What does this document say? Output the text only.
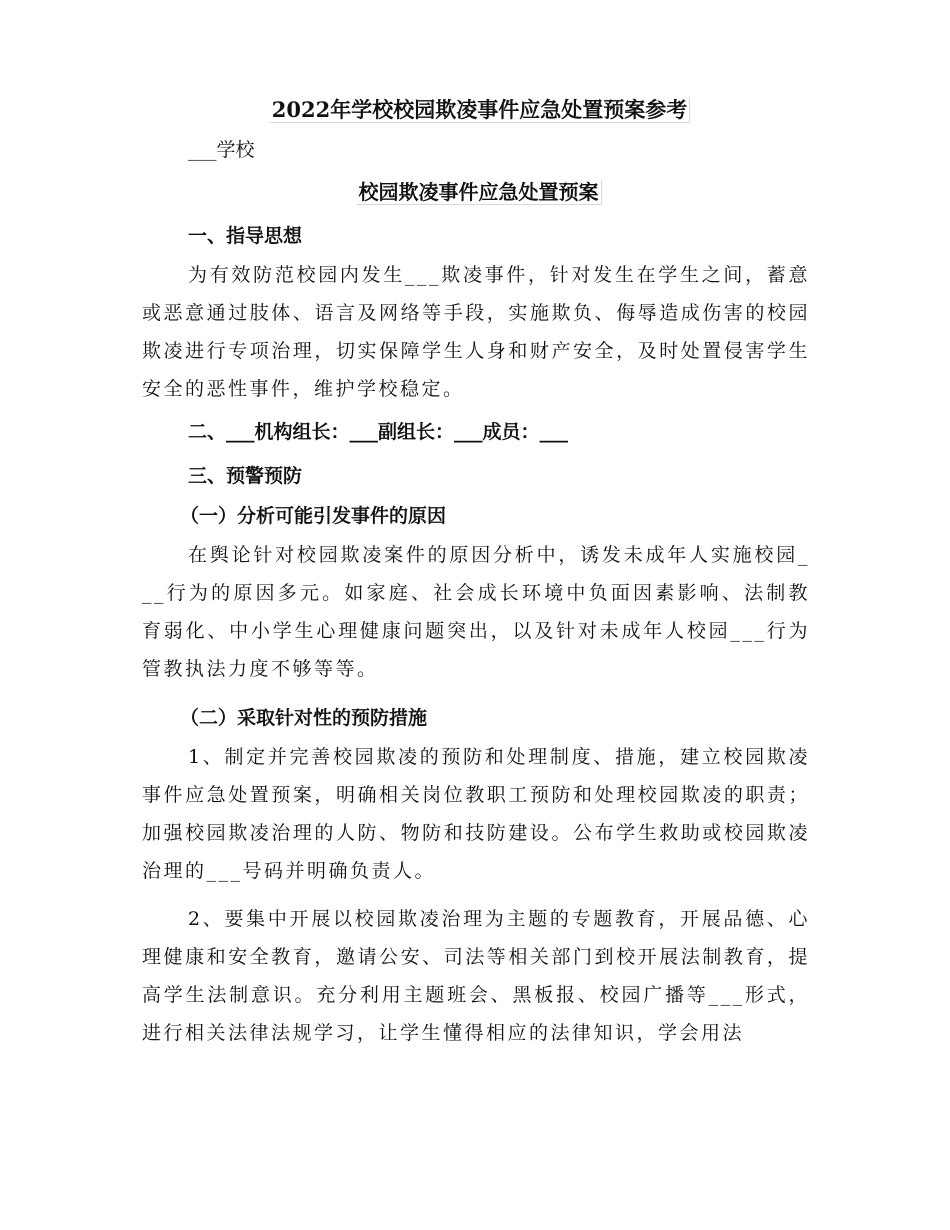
2022年学校校园欺凌事件应急处置预案参考

___学校

校园欺凌事件应急处置预案

一、指导思想

为有效防范校园内发生___欺凌事件，针对发生在学生之间，蓄意或恶意通过肢体、语言及网络等手段，实施欺负、侮辱造成伤害的校园欺凌进行专项治理，切实保障学生人身和财产安全，及时处置侵害学生安全的恶性事件，维护学校稳定。

二、___机构组长：___副组长：___成员：___

三、预警预防

（一）分析可能引发事件的原因

在舆论针对校园欺凌案件的原因分析中，诱发未成年人实施校园___行为的原因多元。如家庭、社会成长环境中负面因素影响、法制教育弱化、中小学生心理健康问题突出，以及针对未成年人校园___行为管教执法力度不够等等。

（二）采取针对性的预防措施

1、制定并完善校园欺凌的预防和处理制度、措施，建立校园欺凌事件应急处置预案，明确相关岗位教职工预防和处理校园欺凌的职责；加强校园欺凌治理的人防、物防和技防建设。公布学生救助或校园欺凌治理的___号码并明确负责人。

2、要集中开展以校园欺凌治理为主题的专题教育，开展品德、心理健康和安全教育，邀请公安、司法等相关部门到校开展法制教育，提高学生法制意识。充分利用主题班会、黑板报、校园广播等___形式，进行相关法律法规学习，让学生懂得相应的法律知识，学会用法
